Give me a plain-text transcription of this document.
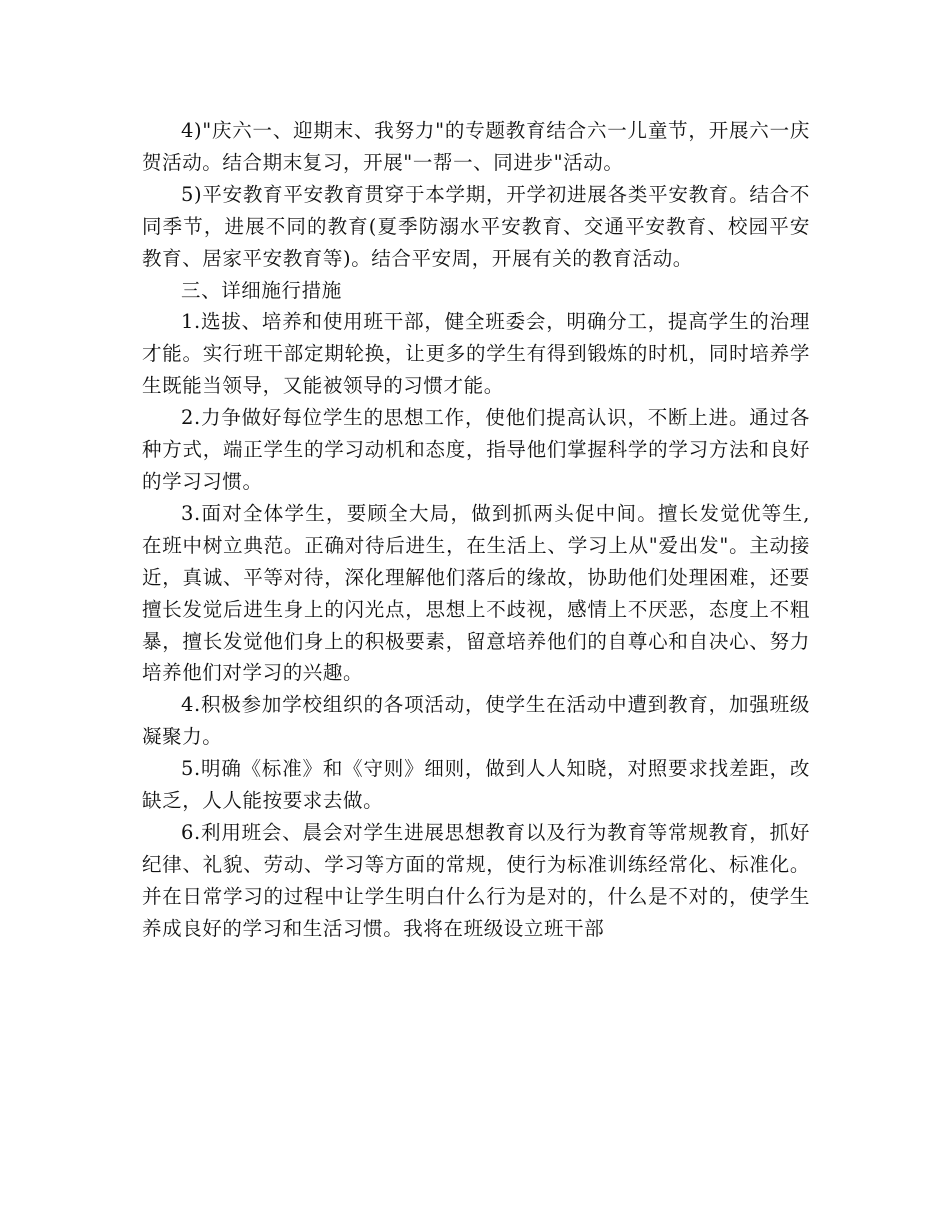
4)"庆六一、迎期末、我努力"的专题教育结合六一儿童节，开展六一庆贺活动。结合期末复习，开展"一帮一、同进步"活动。

5)平安教育平安教育贯穿于本学期，开学初进展各类平安教育。结合不同季节，进展不同的教育(夏季防溺水平安教育、交通平安教育、校园平安教育、居家平安教育等)。结合平安周，开展有关的教育活动。

三、详细施行措施

1.选拔、培养和使用班干部，健全班委会，明确分工，提高学生的治理才能。实行班干部定期轮换，让更多的学生有得到锻炼的时机，同时培养学生既能当领导，又能被领导的习惯才能。

2.力争做好每位学生的思想工作，使他们提高认识，不断上进。通过各种方式，端正学生的学习动机和态度，指导他们掌握科学的学习方法和良好的学习习惯。

3.面对全体学生，要顾全大局，做到抓两头促中间。擅长发觉优等生,在班中树立典范。正确对待后进生，在生活上、学习上从"爱出发"。主动接近，真诚、平等对待，深化理解他们落后的缘故，协助他们处理困难，还要擅长发觉后进生身上的闪光点，思想上不歧视，感情上不厌恶，态度上不粗暴，擅长发觉他们身上的积极要素，留意培养他们的自尊心和自决心、努力培养他们对学习的兴趣。

4.积极参加学校组织的各项活动，使学生在活动中遭到教育，加强班级凝聚力。

5.明确《标准》和《守则》细则，做到人人知晓，对照要求找差距，改缺乏，人人能按要求去做。

6.利用班会、晨会对学生进展思想教育以及行为教育等常规教育，抓好纪律、礼貌、劳动、学习等方面的常规，使行为标准训练经常化、标准化。并在日常学习的过程中让学生明白什么行为是对的，什么是不对的，使学生养成良好的学习和生活习惯。我将在班级设立班干部
